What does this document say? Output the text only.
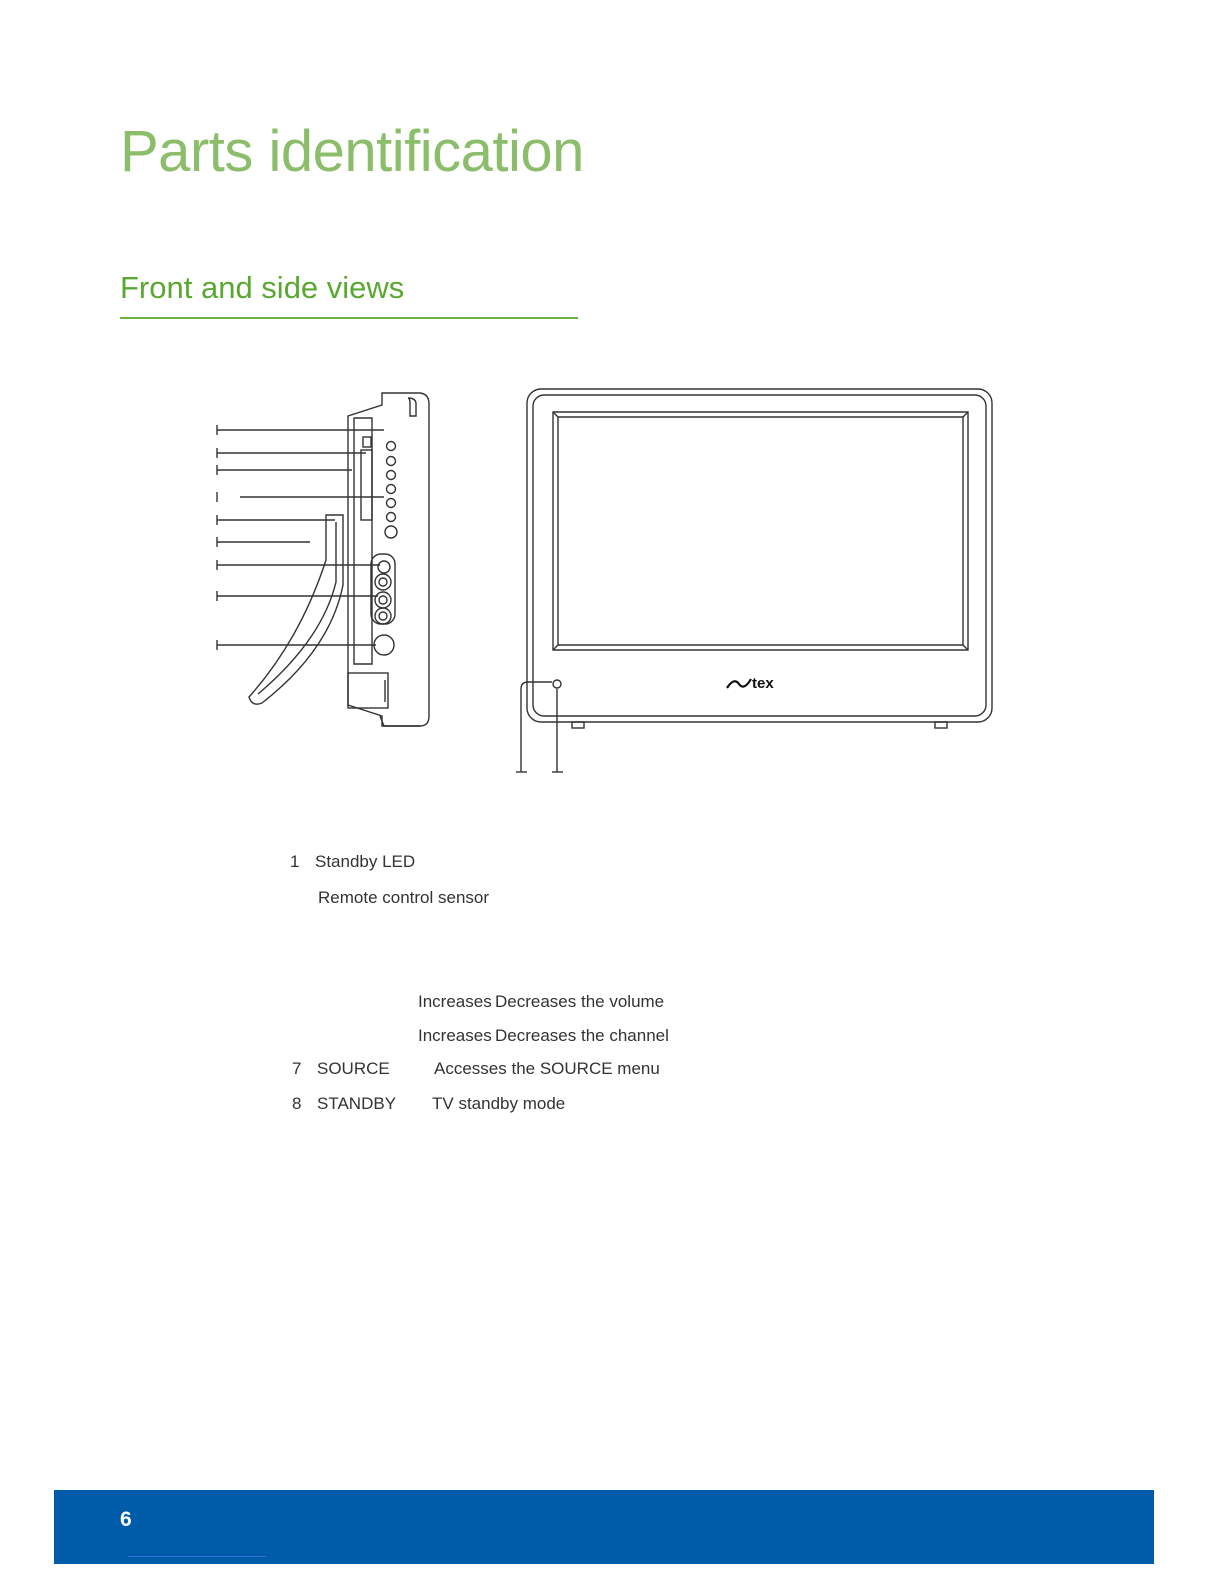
Parts identification
Front and side views
tex
1 Standby LED
Remote control sensor
Increases Decreases the volume
Increases Decreases the channel
7 SOURCE	Accesses the SOURCE menu
8 STANDBY TV standby mode
6
